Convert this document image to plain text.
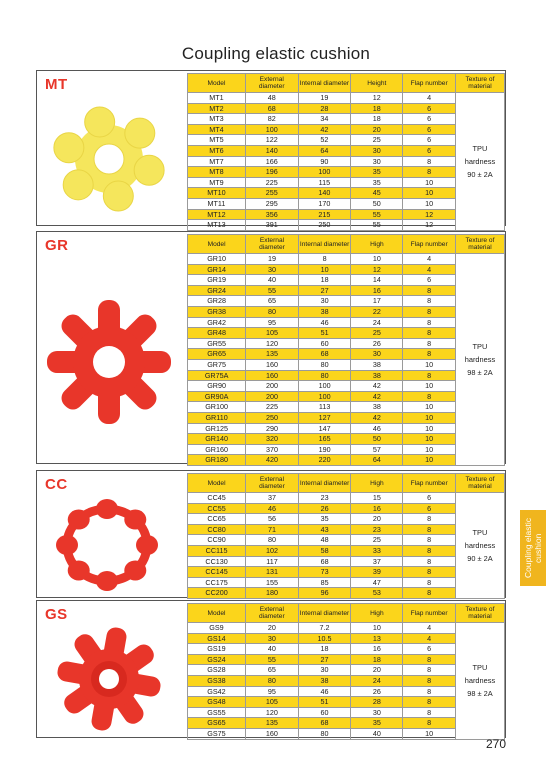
Coupling elastic cushion
MT	Model	External diameter	Internal diameter	Height	Flap number	Texture of material
MT1	48	19	12	4	TPU
hardness
90 ± 2A

MT2	68	28	18	6	
MT3	82	34	18	6	
MT4	100	42	20	6	
MT5	122	52	25	6	
MT6	140	64	30	6	
MT7	166	90	30	8	
MT8	196	100	35	8	
MT9	225	115	35	10	
MT10	255	140	45	10	
MT11	295	170	50	10	
MT12	356	215	55	12	
MT13	391	250	55	12	
GR	Model	External diameter	Internal diameter	High	Flap number	Texture of material
GR10	19	8	10	4	TPU
hardness
98 ± 2A

GR14	30	10	12	4	
GR19	40	18	14	6	
GR24	55	27	16	8	
GR28	65	30	17	8	
GR38	80	38	22	8	
GR42	95	46	24	8	
GR48	105	51	25	8	
GR55	120	60	26	8	
GR65	135	68	30	8	
GR75	160	80	38	10	
GR75A	160	80	38	8	
GR90	200	100	42	10	
GR90A	200	100	42	8	
GR100	225	113	38	10	
GR110	250	127	42	10	
GR125	290	147	46	10	
GR140	320	165	50	10	
GR160	370	190	57	10	
GR180	420	220	64	10	
CC	Model	External diameter	Internal diameter	High	Flap number	Texture of material
CC45	37	23	15	6	TPU
hardness
90 ± 2A

CC55	46	26	16	6	
CC65	56	35	20	8	
CC80	71	43	23	8	
CC90	80	48	25	8	
CC115	102	58	33	8	
CC130	117	68	37	8	
CC145	131	73	39	8	
CC175	155	85	47	8	
CC200	180	96	53	8	
GS	Model	External diameter	Internal diameter	High	Flap number	Texture of material
GS9	20	7.2	10	4	TPU
hardness
98 ± 2A

GS14	30	10.5	13	4	
GS19	40	18	16	6	
GS24	55	27	18	8	
GS28	65	30	20	8	
GS38	80	38	24	8	
GS42	95	46	26	8	
GS48	105	51	28	8	
GS55	120	60	30	8	
GS65	135	68	35	8	
GS75	160	80	40	10	
Coupling elastic cushion
270
